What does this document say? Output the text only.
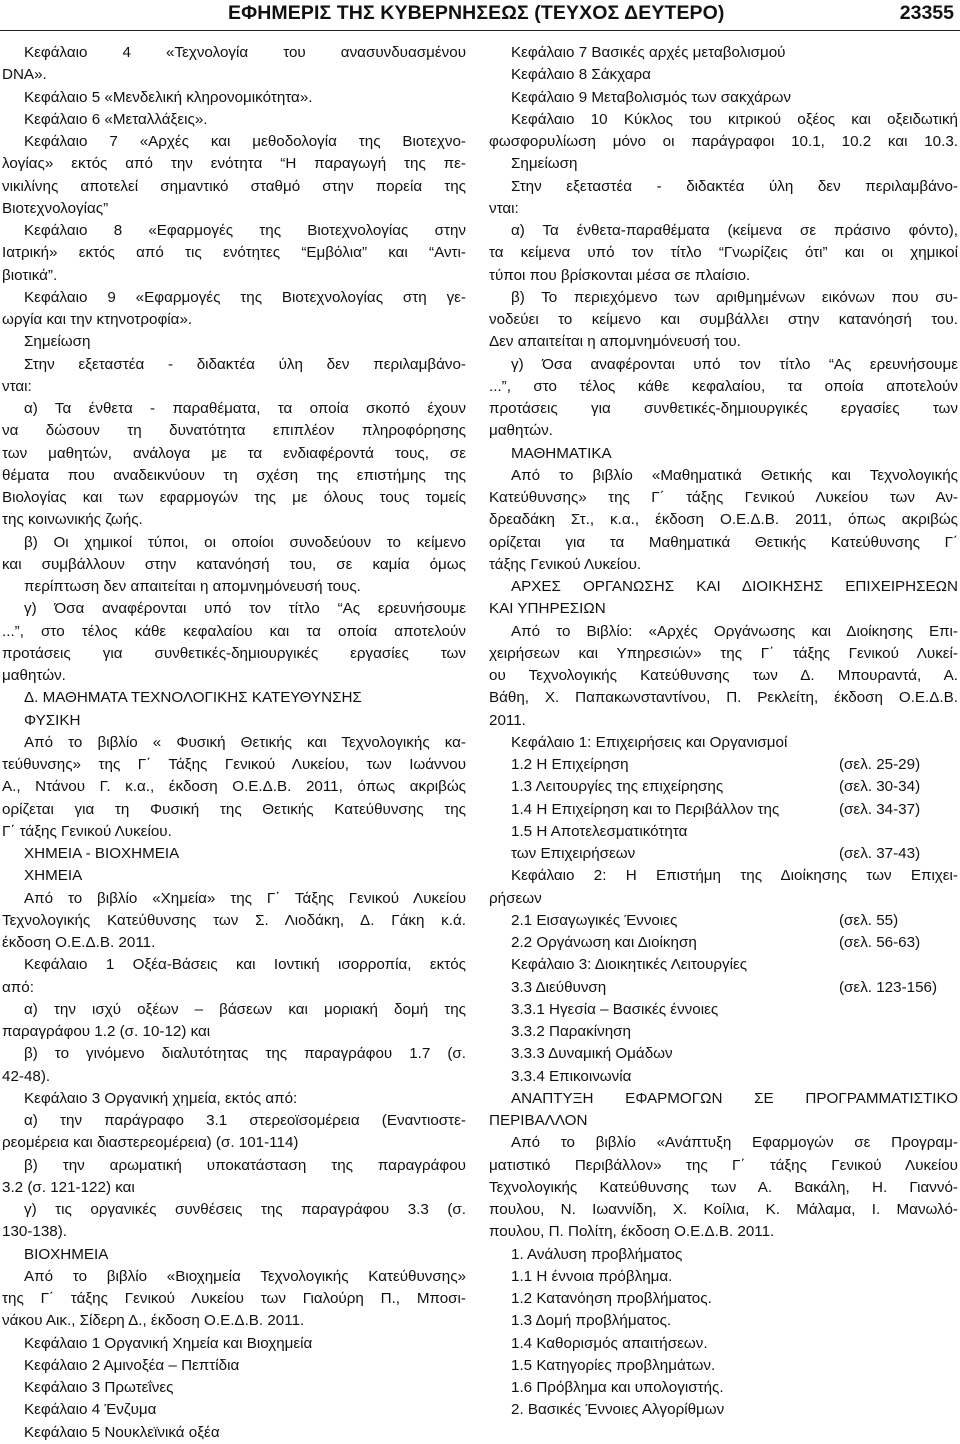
ΕΦΗΜΕΡΙΣ ΤΗΣ ΚΥΒΕΡΝΗΣΕΩΣ (ΤΕΥΧΟΣ ΔΕΥΤΕΡΟ)	23355
Κεφάλαιο 4 «Τεχνολογία του ανασυνδυασμένου
DNA».
Κεφάλαιο 5 «Μενδελική κληρονομικότητα».
Κεφάλαιο 6 «Μεταλλάξεις».
Κεφάλαιο 7 «Αρχές και μεθοδολογία της Βιοτεχνο-
λογίας» εκτός από την ενότητα “Η παραγωγή της πε-
νικιλίνης αποτελεί σημαντικό σταθμό στην πορεία της
Βιοτεχνολογίας”
Κεφάλαιο 8 «Εφαρμογές της Βιοτεχνολογίας στην
Ιατρική» εκτός από τις ενότητες “Εμβόλια” και “Αντι-
βιοτικά”.
Κεφάλαιο 9 «Εφαρμογές της Βιοτεχνολογίας στη γε-
ωργία και την κτηνοτροφία».
Σημείωση
Στην εξεταστέα - διδακτέα ύλη δεν περιλαμβάνο-
νται:
α) Τα ένθετα - παραθέματα, τα οποία σκοπό έχουν
να δώσουν τη δυνατότητα επιπλέον πληροφόρησης
των μαθητών, ανάλογα με τα ενδιαφέροντά τους, σε
θέματα που αναδεικνύουν τη σχέση της επιστήμης της
Βιολογίας και των εφαρμογών της με όλους τους τομείς
της κοινωνικής ζωής.
β) Οι χημικοί τύποι, οι οποίοι συνοδεύουν το κείμενο
και συμβάλλουν στην κατανόησή του, σε καμία όμως
περίπτωση δεν απαιτείται η απομνημόνευσή τους.
γ) Όσα αναφέρονται υπό τον τίτλο “Ας ερευνήσουμε
...”, στο τέλος κάθε κεφαλαίου και τα οποία αποτελούν
προτάσεις για συνθετικές-δημιουργικές εργασίες των
μαθητών.
Δ. ΜΑΘΗΜΑΤΑ ΤΕΧΝΟΛΟΓΙΚΗΣ ΚΑΤΕΥΘΥΝΣΗΣ
ΦΥΣΙΚΗ
Από το βιβλίο « Φυσική Θετικής και Τεχνολογικής κα-
τεύθυνσης» της Γ΄ Τάξης Γενικού Λυκείου, των Ιωάννου
Α., Ντάνου Γ. κ.α., έκδοση Ο.Ε.Δ.Β. 2011, όπως ακριβώς
ορίζεται για τη Φυσική της Θετικής Κατεύθυνσης της
Γ΄ τάξης Γενικού Λυκείου.
ΧΗΜΕΙΑ - ΒΙΟΧΗΜΕΙΑ
ΧΗΜΕΙΑ
Από το βιβλίο «Χημεία» της Γ΄ Τάξης Γενικού Λυκείου
Τεχνολογικής Κατεύθυνσης των Σ. Λιοδάκη, Δ. Γάκη κ.ά.
έκδοση Ο.Ε.Δ.Β. 2011.
Κεφάλαιο 1 Οξέα-Βάσεις και Ιοντική ισορροπία, εκτός
από:
α) την ισχύ οξέων – βάσεων και μοριακή δομή της
παραγράφου 1.2 (σ. 10-12) και
β) το γινόμενο διαλυτότητας της παραγράφου 1.7 (σ.
42-48).
Κεφάλαιο 3 Οργανική χημεία, εκτός από:
α) την παράγραφο 3.1 στερεοϊσομέρεια (Εναντιοστε-
ρεομέρεια και διαστερεομέρεια) (σ. 101-114)
β) την αρωματική υποκατάσταση της παραγράφου
3.2 (σ. 121-122) και
γ) τις οργανικές συνθέσεις της παραγράφου 3.3 (σ.
130-138).
ΒΙΟΧΗΜΕΙΑ
Από το βιβλίο «Βιοχημεία Τεχνολογικής Κατεύθυνσης»
της Γ΄ τάξης Γενικού Λυκείου των Γιαλούρη Π., Μποσι-
νάκου Αικ., Σίδερη Δ., έκδοση Ο.Ε.Δ.Β. 2011.
Κεφάλαιο 1 Οργανική Χημεία και Βιοχημεία
Κεφάλαιο 2 Αμινοξέα – Πεπτίδια
Κεφάλαιο 3 Πρωτεΐνες
Κεφάλαιο 4 Ένζυμα
Κεφάλαιο 5 Νουκλεϊνικά οξέα
Κεφάλαιο 7 Βασικές αρχές μεταβολισμού
Κεφάλαιο 8 Σάκχαρα
Κεφάλαιο 9 Μεταβολισμός των σακχάρων
Κεφάλαιο 10 Κύκλος του κιτρικού οξέος και οξειδωτική
φωσφορυλίωση μόνο οι παράγραφοι 10.1, 10.2 και 10.3.
Σημείωση
Στην εξεταστέα - διδακτέα ύλη δεν περιλαμβάνο-
νται:
α) Τα ένθετα-παραθέματα (κείμενα σε πράσινο φόντο),
τα κείμενα υπό τον τίτλο “Γνωρίζεις ότι” και οι χημικοί
τύποι που βρίσκονται μέσα σε πλαίσιο.
β) Το περιεχόμενο των αριθμημένων εικόνων που συ-
νοδεύει το κείμενο και συμβάλλει στην κατανόησή του.
Δεν απαιτείται η απομνημόνευσή του.
γ) Όσα αναφέρονται υπό τον τίτλο “Ας ερευνήσουμε
...”, στο τέλος κάθε κεφαλαίου, τα οποία αποτελούν
προτάσεις για συνθετικές-δημιουργικές εργασίες των
μαθητών.
ΜΑΘΗΜΑΤΙΚΑ
Από το βιβλίο «Μαθηματικά Θετικής και Τεχνολογικής
Κατεύθυνσης» της Γ΄ τάξης Γενικού Λυκείου των Αν-
δρεαδάκη Στ., κ.α., έκδοση Ο.Ε.Δ.Β. 2011, όπως ακριβώς
ορίζεται για τα Μαθηματικά Θετικής Κατεύθυνσης Γ΄
τάξης Γενικού Λυκείου.
ΑΡΧΕΣ ΟΡΓΑΝΩΣΗΣ ΚΑΙ ΔΙΟΙΚΗΣΗΣ ΕΠΙΧΕΙΡΗΣΕΩΝ
ΚΑΙ ΥΠΗΡΕΣΙΩΝ
Από το Βιβλίο: «Αρχές Οργάνωσης και Διοίκησης Επι-
χειρήσεων και Υπηρεσιών» της Γ΄ τάξης Γενικού Λυκεί-
ου Τεχνολογικής Κατεύθυνσης των Δ. Μπουραντά, Α.
Βάθη, Χ. Παπακωνσταντίνου, Π. Ρεκλείτη, έκδοση Ο.Ε.Δ.Β.
2011.
Κεφάλαιο 1: Επιχειρήσεις και Οργανισμοί
1.2 Η Επιχείρηση	(σελ. 25-29)
1.3 Λειτουργίες της επιχείρησης	(σελ. 30-34)
1.4 Η Επιχείρηση και το Περιβάλλον της	(σελ. 34-37)
1.5 Η Αποτελεσματικότητα
των Επιχειρήσεων	(σελ. 37-43)
Κεφάλαιο 2: Η Επιστήμη της Διοίκησης των Επιχει-
ρήσεων
2.1 Εισαγωγικές Έννοιες	(σελ. 55)
2.2 Οργάνωση και Διοίκηση	(σελ. 56-63)
Κεφάλαιο 3: Διοικητικές Λειτουργίες
3.3 Διεύθυνση	(σελ. 123-156)
3.3.1 Ηγεσία – Βασικές έννοιες
3.3.2 Παρακίνηση
3.3.3 Δυναμική Ομάδων
3.3.4 Επικοινωνία
ΑΝΑΠΤΥΞΗ ΕΦΑΡΜΟΓΩΝ ΣΕ ΠΡΟΓΡΑΜΜΑΤΙΣΤΙΚΟ
ΠΕΡΙΒΑΛΛΟΝ
Από το βιβλίο «Ανάπτυξη Εφαρμογών σε Προγραμ-
ματιστικό Περιβάλλον» της Γ΄ τάξης Γενικού Λυκείου
Τεχνολογικής Κατεύθυνσης των Α. Βακάλη, Η. Γιαννό-
πουλου, Ν. Ιωαννίδη, Χ. Κοίλια, Κ. Μάλαμα, Ι. Μανωλό-
πουλου, Π. Πολίτη, έκδοση Ο.Ε.Δ.Β. 2011.
1. Ανάλυση προβλήματος
1.1 Η έννοια πρόβλημα.
1.2 Κατανόηση προβλήματος.
1.3 Δομή προβλήματος.
1.4 Καθορισμός απαιτήσεων.
1.5 Κατηγορίες προβλημάτων.
1.6 Πρόβλημα και υπολογιστής.
2. Βασικές Έννοιες Αλγορίθμων
